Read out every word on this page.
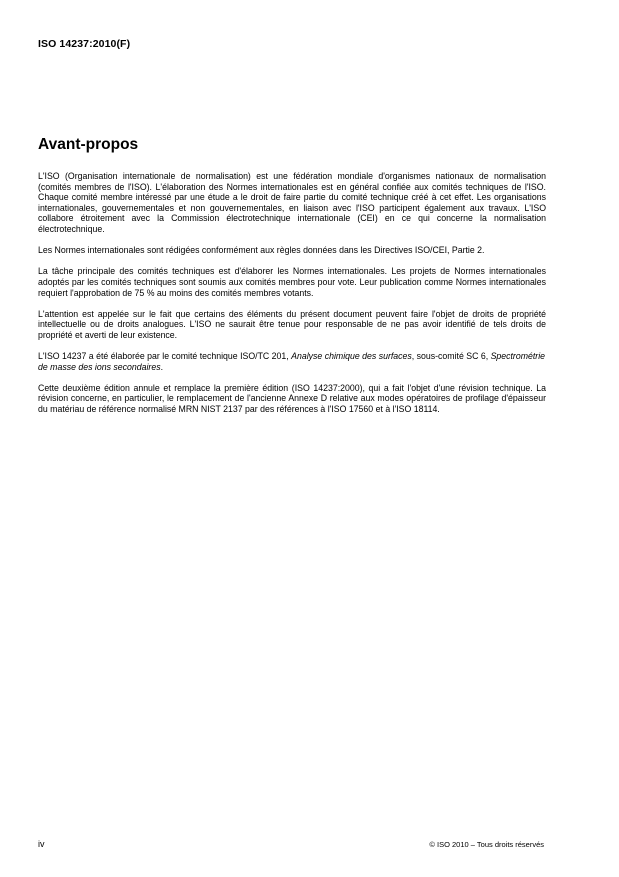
ISO 14237:2010(F)
Avant-propos

L'ISO (Organisation internationale de normalisation) est une fédération mondiale d'organismes nationaux de normalisation (comités membres de l'ISO). L'élaboration des Normes internationales est en général confiée aux comités techniques de l'ISO. Chaque comité membre intéressé par une étude a le droit de faire partie du comité technique créé à cet effet. Les organisations internationales, gouvernementales et non gouvernementales, en liaison avec l'ISO participent également aux travaux. L'ISO collabore étroitement avec la Commission électrotechnique internationale (CEI) en ce qui concerne la normalisation électrotechnique.

Les Normes internationales sont rédigées conformément aux règles données dans les Directives ISO/CEI, Partie 2.

La tâche principale des comités techniques est d'élaborer les Normes internationales. Les projets de Normes internationales adoptés par les comités techniques sont soumis aux comités membres pour vote. Leur publication comme Normes internationales requiert l'approbation de 75 % au moins des comités membres votants.

L'attention est appelée sur le fait que certains des éléments du présent document peuvent faire l'objet de droits de propriété intellectuelle ou de droits analogues. L'ISO ne saurait être tenue pour responsable de ne pas avoir identifié de tels droits de propriété et averti de leur existence.

L'ISO 14237 a été élaborée par le comité technique ISO/TC 201, Analyse chimique des surfaces, sous-comité SC 6, Spectrométrie de masse des ions secondaires.

Cette deuxième édition annule et remplace la première édition (ISO 14237:2000), qui a fait l'objet d'une révision technique. La révision concerne, en particulier, le remplacement de l'ancienne Annexe D relative aux modes opératoires de profilage d'épaisseur du matériau de référence normalisé MRN NIST 2137 par des références à l'ISO 17560 et à l'ISO 18114.

iv	© ISO 2010 – Tous droits réservés
